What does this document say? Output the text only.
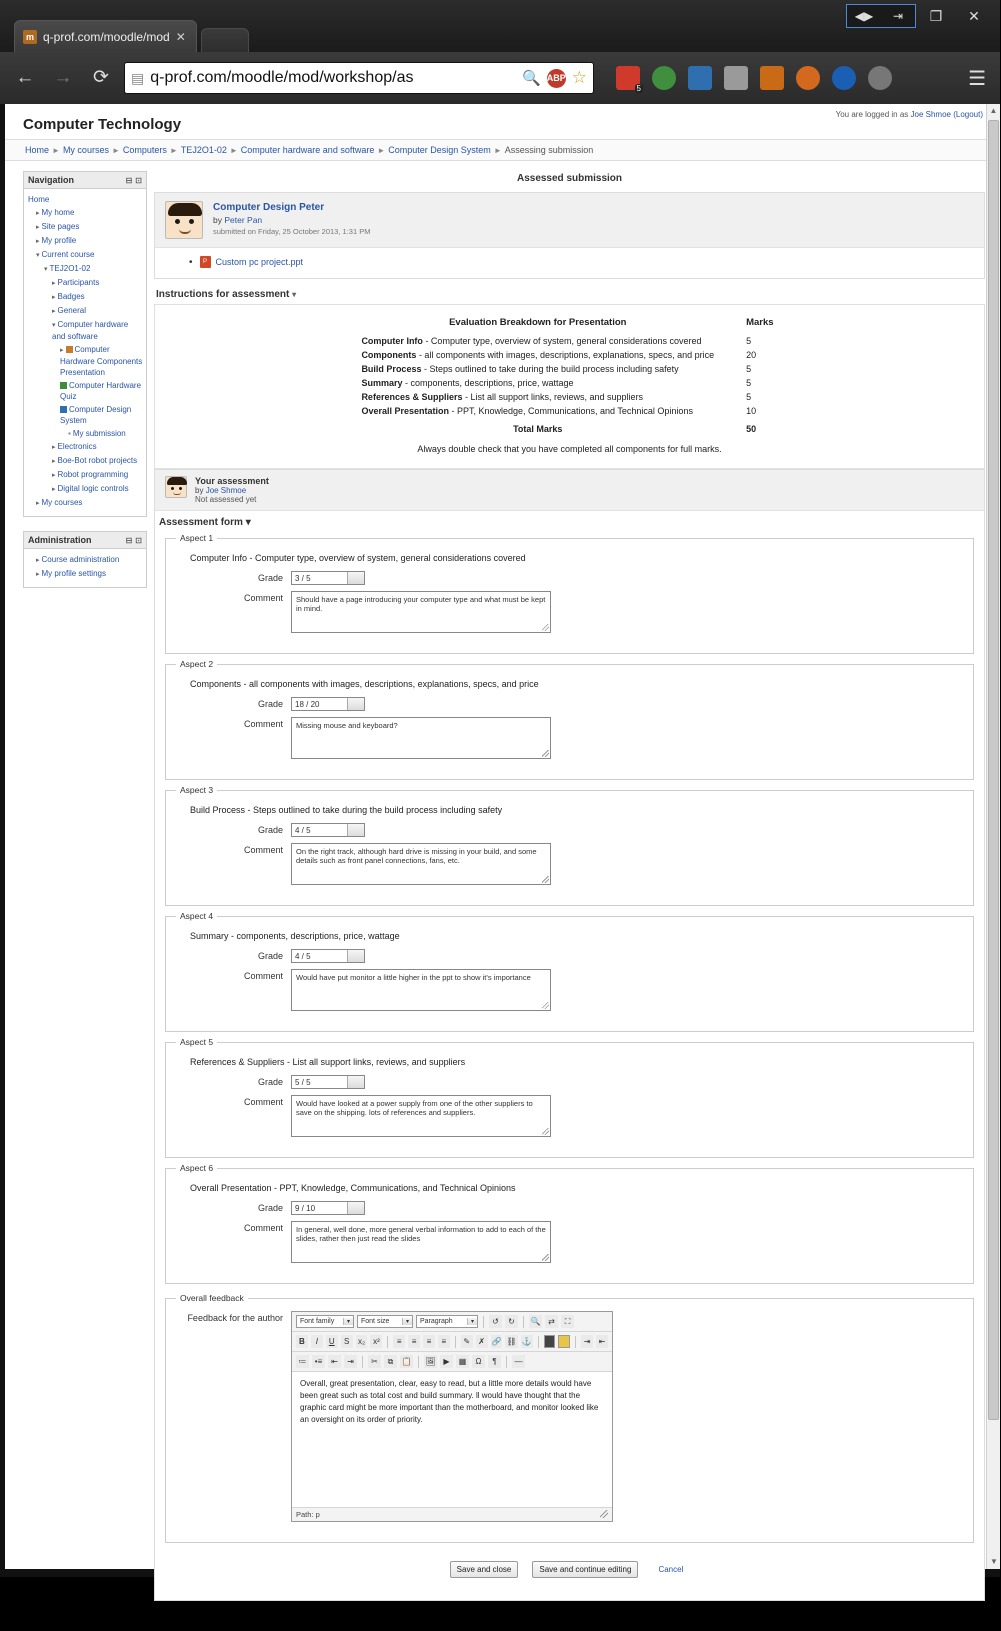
m q-prof.com/moodle/mod ✕
◀▶	⇥	❐	✕
← →	⟳	▤ q-prof.com/moodle/mod/workshop/as	🔍 ABP ☆ 5	☰
You are logged in as Joe Shmoe (Logout)
Computer Technology
Home ► My courses ► Computers ► TEJ2O1-02 ► Computer hardware and software ► Computer Design System ► Assessing submission
Navigation	⊟ ⊡
Home
▸ My home
▸ Site pages
▸ My profile
▾ Current course
▾ TEJ2O1-02
▸ Participants
▸ Badges
▸ General
▾ Computer hardware and software
▸ Computer Hardware Components Presentation
Computer Hardware Quiz
Computer Design System
▪ My submission
▸ Electronics
▸ Boe-Bot robot projects
▸ Robot programming
▸ Digital logic controls
▸ My courses
Administration	⊟ ⊡
▸ Course administration
▸ My profile settings
Assessed submission
Computer Design Peter
by Peter Pan
submitted on Friday, 25 October 2013, 1:31 PM
•	P Custom pc project.ppt
Instructions for assessment ▾
Evaluation Breakdown for Presentation	Marks
Computer Info - Computer type, overview of system, general considerations covered	5
Components - all components with images, descriptions, explanations, specs, and price	20
Build Process - Steps outlined to take during the build process including safety	5
Summary - components, descriptions, price, wattage	5
References & Suppliers - List all support links, reviews, and suppliers	5
Overall Presentation - PPT, Knowledge, Communications, and Technical Opinions	10
Total Marks	50
Always double check that you have completed all components for full marks.
Your assessment
by Joe Shmoe
Not assessed yet
Assessment form ▾
Aspect 1
Computer Info - Computer type, overview of system, general considerations covered
Grade	3 / 5
Comment	Should have a page introducing your computer type and what must be kept in mind.
Aspect 2
Components - all components with images, descriptions, explanations, specs, and price
Grade	18 / 20
Comment	Missing mouse and keyboard?
Aspect 3
Build Process - Steps outlined to take during the build process including safety
Grade	4 / 5
Comment	On the right track, although hard drive is missing in your build, and some details such as front panel connections, fans, etc.
Aspect 4
Summary - components, descriptions, price, wattage
Grade	4 / 5
Comment	Would have put monitor a little higher in the ppt to show it's importance
Aspect 5
References & Suppliers - List all support links, reviews, and suppliers
Grade	5 / 5
Comment	Would have looked at a power supply from one of the other suppliers to save on the shipping. lots of references and suppliers.
Aspect 6
Overall Presentation - PPT, Knowledge, Communications, and Technical Opinions
Grade	9 / 10
Comment	In general, well done, more general verbal information to add to each of the slides, rather then just read the slides
Overall feedback
Feedback for the author	Font family	▾	Font size	▾	Paragraph	▾	↺	↻	🔍 ⇄	⛶
B	I	U	S	x₂	x²	≡	≡	≡	≡	✎	✗ 🔗 ⛓ ⚓	⇥	⇤
≔	•≡	⇤	⇥	✂	⧉	📋 🖼 ▶	▦	Ω	¶	—
Overall, great presentation, clear, easy to read, but a little more details would have been great such as total cost and build summary. ll would have thought that the graphic card might be more important than the motherboard, and monitor looked like an oversight on its order of priority.
Path: p
Save and close	Save and continue editing	Cancel
▲
▼
